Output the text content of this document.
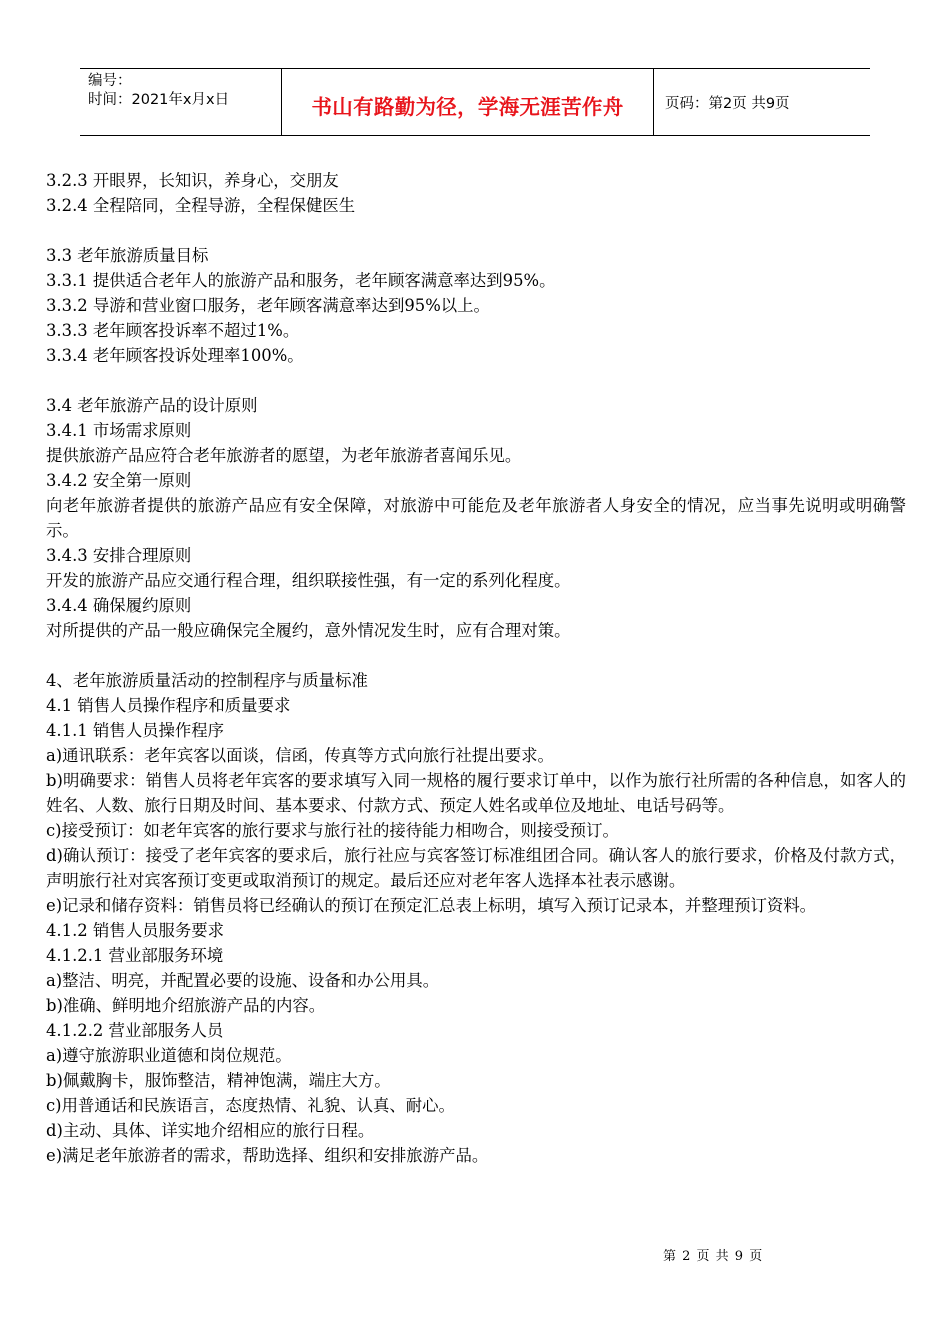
编号：
时间：2021年x月x日	书山有路勤为径，学海无涯苦作舟	页码：第2页 共9页

3.2.3 开眼界，长知识，养身心，交朋友

3.2.4 全程陪同，全程导游，全程保健医生

3.3 老年旅游质量目标

3.3.1 提供适合老年人的旅游产品和服务，老年顾客满意率达到95%。

3.3.2 导游和营业窗口服务，老年顾客满意率达到95%以上。

3.3.3 老年顾客投诉率不超过1%。

3.3.4 老年顾客投诉处理率100%。

3.4 老年旅游产品的设计原则

3.4.1 市场需求原则

提供旅游产品应符合老年旅游者的愿望，为老年旅游者喜闻乐见。

3.4.2 安全第一原则

向老年旅游者提供的旅游产品应有安全保障，对旅游中可能危及老年旅游者人身安全的情况，应当事先说明或明确警示。

3.4.3 安排合理原则

开发的旅游产品应交通行程合理，组织联接性强，有一定的系列化程度。

3.4.4 确保履约原则

对所提供的产品一般应确保完全履约，意外情况发生时，应有合理对策。

4、老年旅游质量活动的控制程序与质量标准

4.1 销售人员操作程序和质量要求

4.1.1 销售人员操作程序

a)通讯联系：老年宾客以面谈，信函，传真等方式向旅行社提出要求。

b)明确要求：销售人员将老年宾客的要求填写入同一规格的履行要求订单中，以作为旅行社所需的各种信息，如客人的姓名、人数、旅行日期及时间、基本要求、付款方式、预定人姓名或单位及地址、电话号码等。

c)接受预订：如老年宾客的旅行要求与旅行社的接待能力相吻合，则接受预订。

d)确认预订：接受了老年宾客的要求后，旅行社应与宾客签订标准组团合同。确认客人的旅行要求，价格及付款方式，声明旅行社对宾客预订变更或取消预订的规定。最后还应对老年客人选择本社表示感谢。

e)记录和储存资料：销售员将已经确认的预订在预定汇总表上标明，填写入预订记录本，并整理预订资料。

4.1.2 销售人员服务要求

4.1.2.1 营业部服务环境

a)整洁、明亮，并配置必要的设施、设备和办公用具。

b)准确、鲜明地介绍旅游产品的内容。

4.1.2.2 营业部服务人员

a)遵守旅游职业道德和岗位规范。

b)佩戴胸卡，服饰整洁，精神饱满，端庄大方。

c)用普通话和民族语言，态度热情、礼貌、认真、耐心。

d)主动、具体、详实地介绍相应的旅行日程。

e)满足老年旅游者的需求，帮助选择、组织和安排旅游产品。

第 2 页 共 9 页
